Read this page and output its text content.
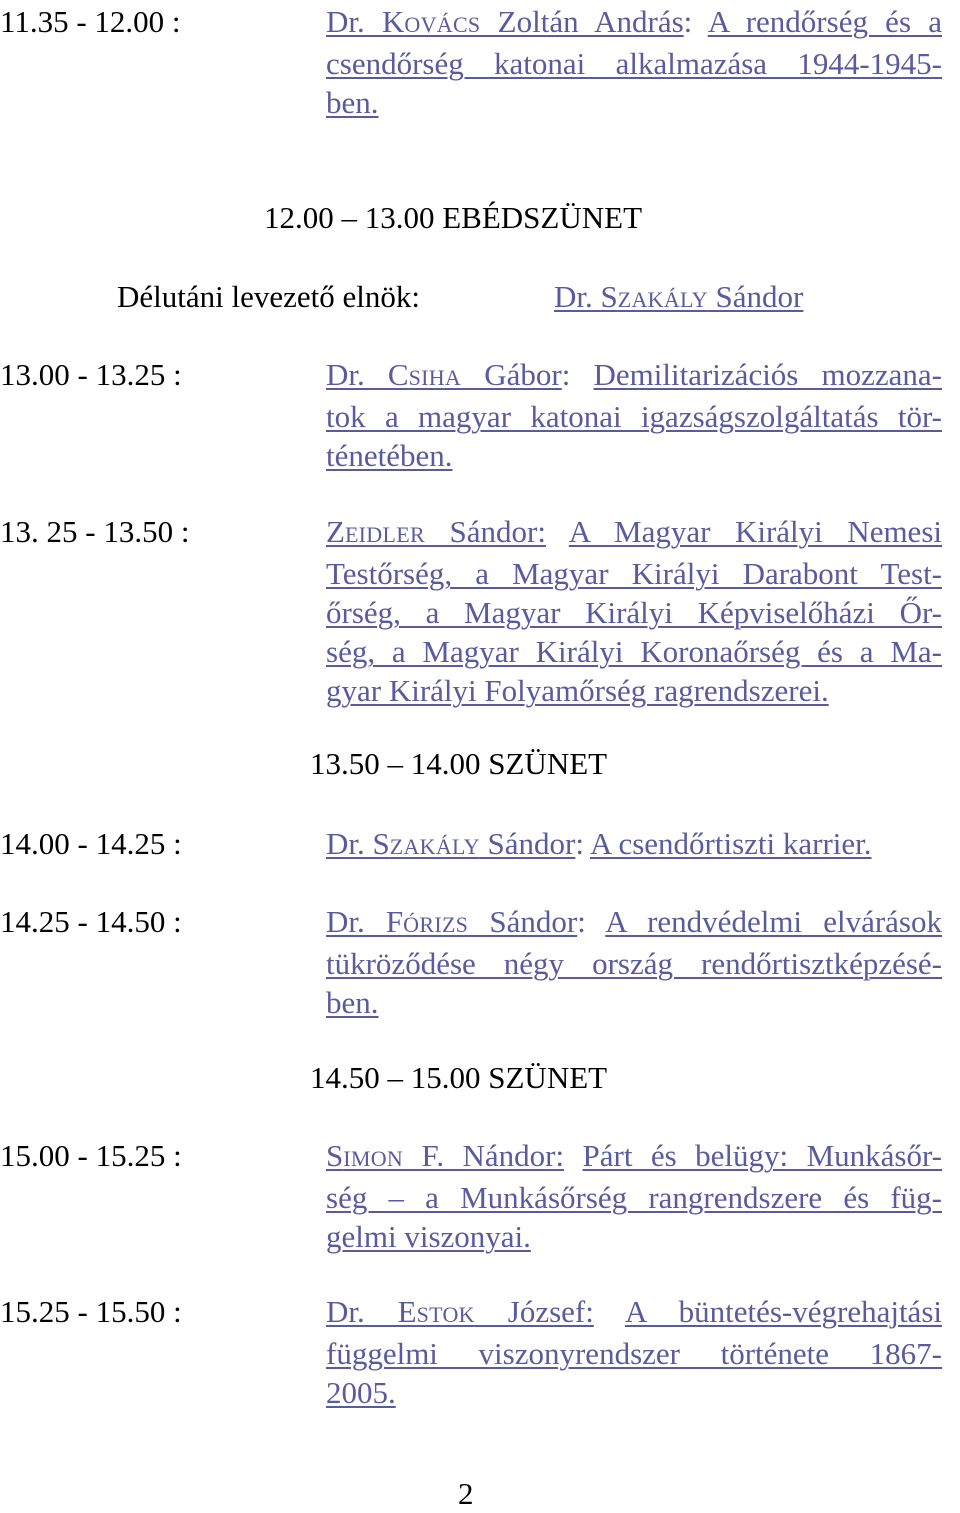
11.35 - 12.00 :	Dr. KOVÁCS Zoltán András: A rendőrség és a
csendőrség katonai alkalmazása 1944-1945-
ben.
12.00 – 13.00 EBÉDSZÜNET
Délutáni levezető elnök:	Dr. SZAKÁLY Sándor
13.00 - 13.25 :	Dr. CSIHA Gábor: Demilitarizációs mozzana-
tok a magyar katonai igazságszolgáltatás tör-
ténetében.
13. 25 - 13.50 :	ZEIDLER Sándor: A Magyar Királyi Nemesi
Testőrség, a Magyar Királyi Darabont Test-
őrség, a Magyar Királyi Képviselőházi Őr-
ség, a Magyar Királyi Koronaőrség és a Ma-
gyar Királyi Folyamőrség ragrendszerei.
13.50 – 14.00 SZÜNET
14.00 - 14.25 :	Dr. SZAKÁLY Sándor: A csendőrtiszti karrier.
14.25 - 14.50 :	Dr. FÓRIZS Sándor: A rendvédelmi elvárások
tükröződése négy ország rendőrtisztképzésé-
ben.
14.50 – 15.00 SZÜNET
15.00 - 15.25 :	SIMON F. Nándor: Párt és belügy: Munkásőr-
ség – a Munkásőrség rangrendszere és füg-
gelmi viszonyai.
15.25 - 15.50 :	Dr. ESTOK József: A büntetés-végrehajtási
függelmi viszonyrendszer története 1867-
2005.
2
